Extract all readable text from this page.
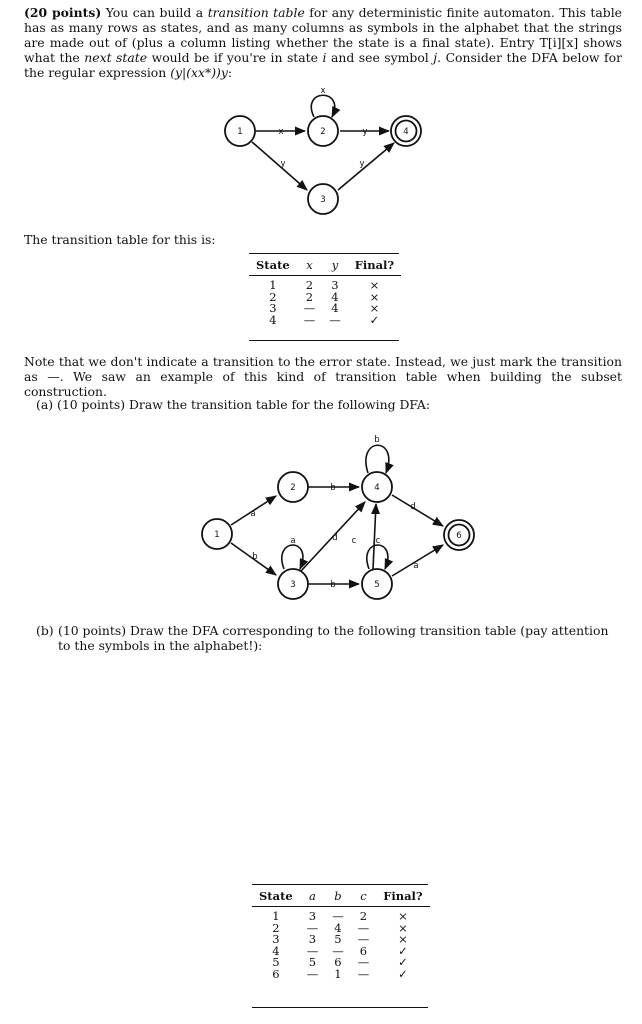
(20 points) You can build a transition table for any deterministic finite automaton. This table has as many rows as states, and as many columns as symbols in the alphabet that the strings are made out of (plus a column listing whether the state is a final state). Entry T[i][x] shows what the next state would be if you're in state i and see symbol j. Consider the DFA below for the regular expression (y|(xx*))y:
1	2
3
4
x
x
y
y	y
The transition table for this is:
State	x	y	Final?
1	2	3	×
2	2	4	×
3	—	4	×
4	—	—	✓
Note that we don't indicate a transition to the error state. Instead, we just mark the transition as —. We saw an example of this kind of transition table when building the subset construction.
(a) (10 points) Draw the transition table for the following DFA:
1
2
3
4
5
6
a
b
b
a
b
d c c
b
d
a
(b) (10 points) Draw the DFA corresponding to the following transition table (pay attention to the symbols in the alphabet!):
State	a	b	c	Final?
1	3	—	2	×
2	—	4	—	×
3	3	5	—	×
4	—	—	6	✓
5	5	6	—	✓
6	—	1	—	✓
